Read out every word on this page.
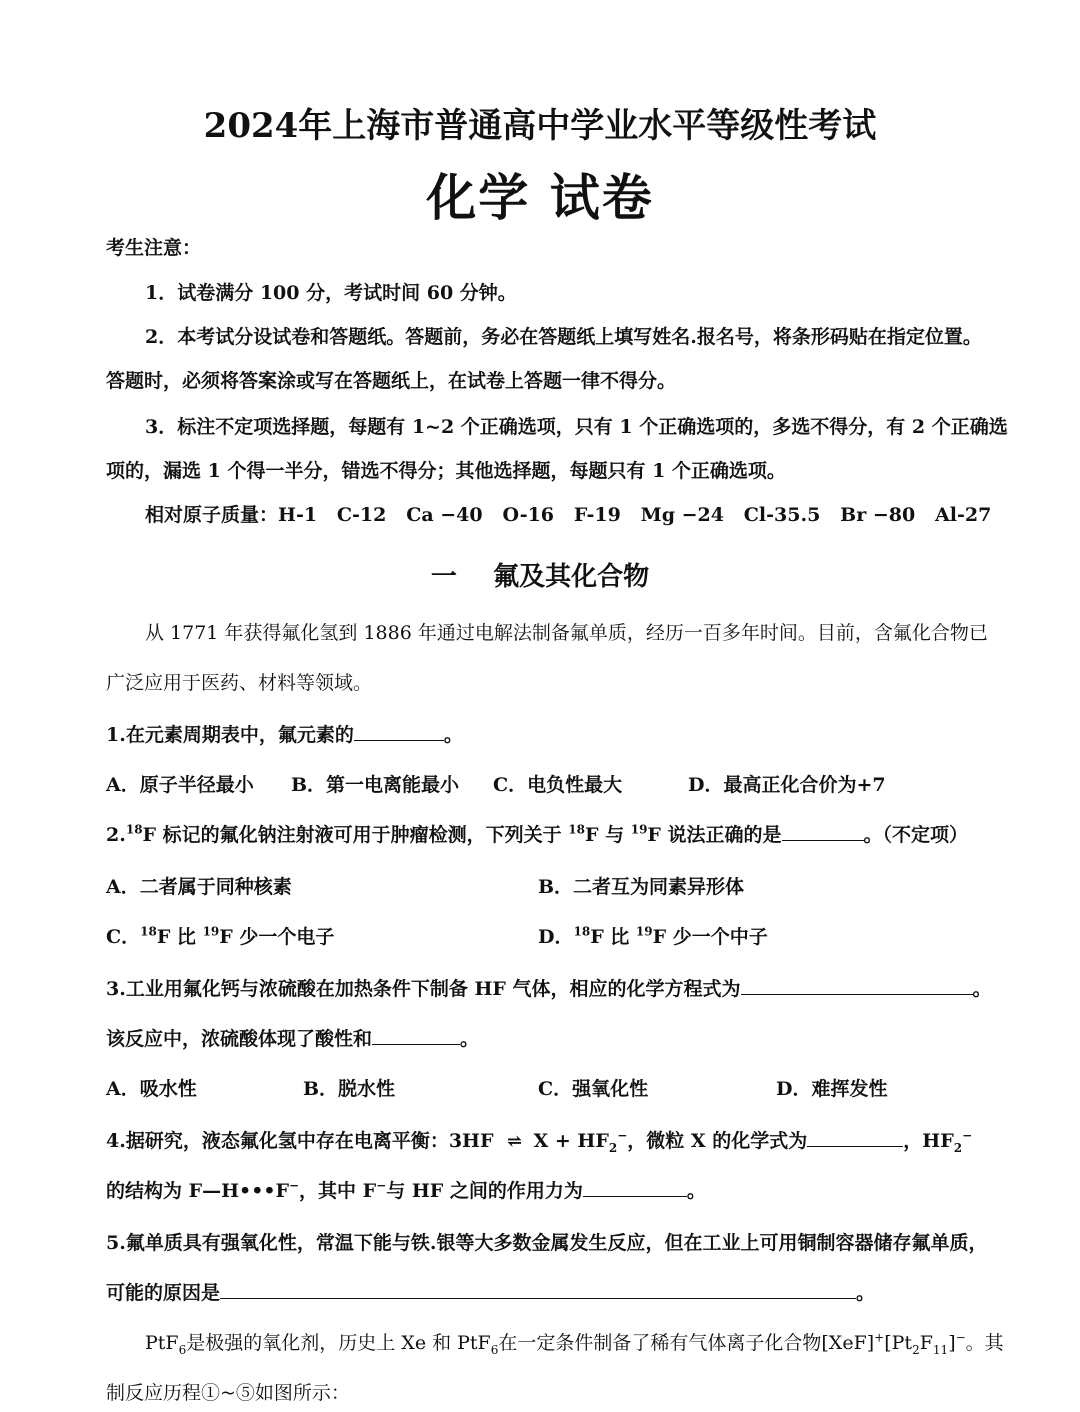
2024年上海市普通高中学业水平等级性考试
化学 试卷
考生注意：
1．试卷满分 100 分，考试时间 60 分钟。
2．本考试分设试卷和答题纸。答题前，务必在答题纸上填写姓名.报名号，将条形码贴在指定位置。
答题时，必须将答案涂或写在答题纸上，在试卷上答题一律不得分。
3．标注不定项选择题，每题有 1~2 个正确选项，只有 1 个正确选项的，多选不得分，有 2 个正确选
项的，漏选 1 个得一半分，错选不得分；其他选择题，每题只有 1 个正确选项。
相对原子质量：H-1   C-12   Ca −40   O-16   F-19   Mg −24   Cl-35.5   Br −80   Al-27
一    氟及其化合物
从 1771 年获得氟化氢到 1886 年通过电解法制备氟单质，经历一百多年时间。目前，含氟化合物已
广泛应用于医药、材料等领域。
1.在元素周期表中，氟元素的	。
A．原子半径最小 B．第一电离能最小 C．电负性最大	D．最高正化合价为+7
2.18F 标记的氟化钠注射液可用于肿瘤检测，下列关于 $^{18}$F 与 $^{19}$F 说法正确的是	。（不定项）
A．二者属于同种核素	B．二者互为同素异形体
C．$^{18}$F 比 $^{19}$F 少一个电子	D．$^{18}$F 比 $^{19}$F 少一个中子
3.工业用氟化钙与浓硫酸在加热条件下制备 HF 气体，相应的化学方程式为	。
该反应中，浓硫酸体现了酸性和	。
A．吸水性	B．脱水性	C．强氧化性	D．难挥发性
4.据研究，液态氟化氢中存在电离平衡：3HF ⇌ $X + HF_2^-$，微粒 X 的化学式为	，$HF_2^-$
的结构为 F—H•••F−，其中 F−与 HF 之间的作用力为	。
5.氟单质具有强氧化性，常温下能与铁.银等大多数金属发生反应，但在工业上可用铜制容器储存氟单质，
可能的原因是	。
PtF$_6$是极强的氧化剂，历史上 Xe 和 PtF$_6$在一定条件制备了稀有气体离子化合物$[XeF]^+[Pt_2F_{11}]^-$。其
制反应历程①~⑤如图所示：
